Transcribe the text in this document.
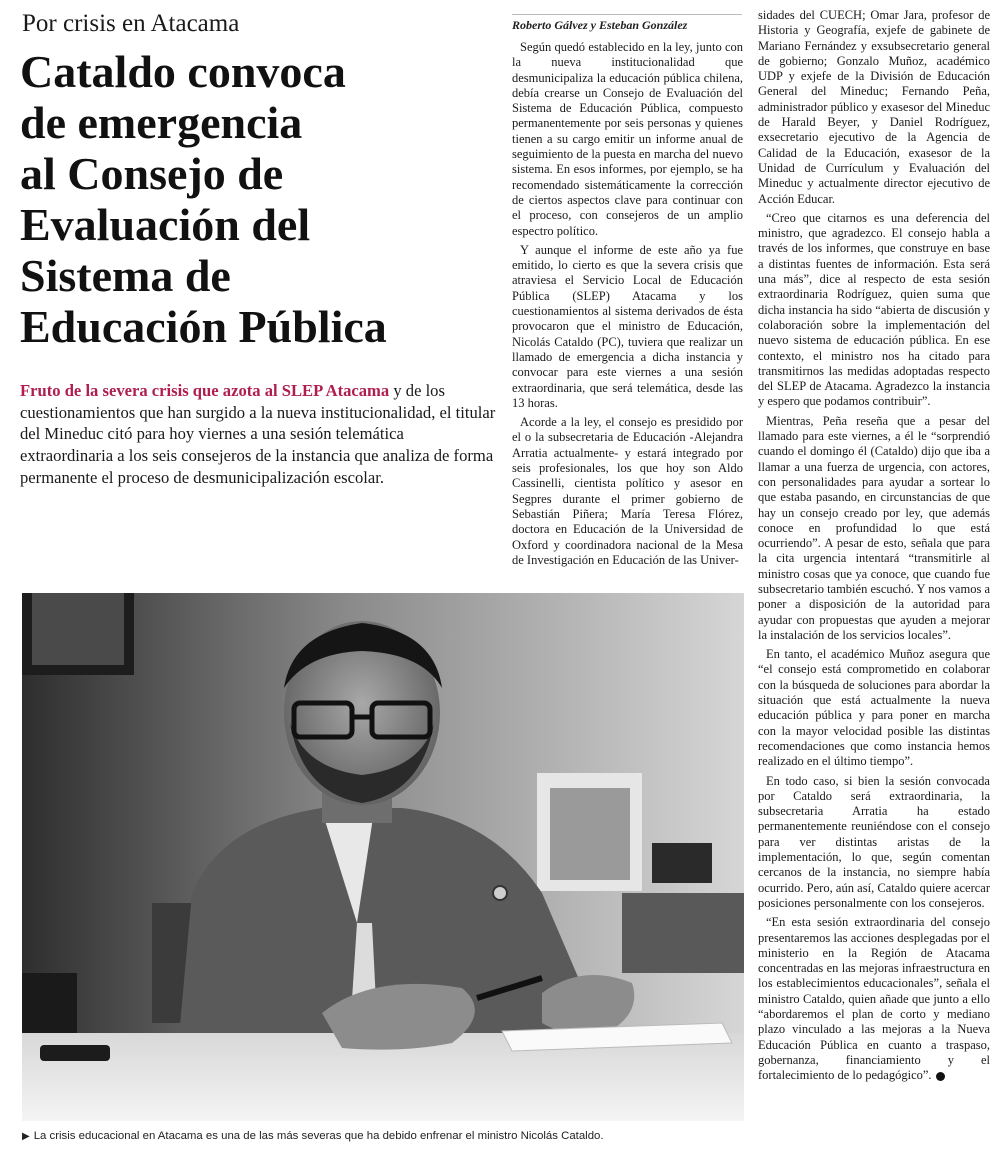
Por crisis en Atacama
Cataldo convoca
de emergencia
al Consejo de
Evaluación del
Sistema de
Educación Pública

Fruto de la severa crisis que azota al SLEP Atacama y de los cuestionamientos que han surgido a la nueva institucionalidad, el titular del Mineduc citó para hoy viernes a una sesión telemática extraordinaria a los seis consejeros de la instancia que analiza de forma permanente el proceso de desmunicipalización escolar.

Roberto Gálvez y Esteban González

Según quedó establecido en la ley, junto con la nueva institucionalidad que desmunicipaliza la educación pública chilena, debía crearse un Consejo de Evaluación del Sistema de Educación Pública, compuesto permanentemente por seis personas y quienes tienen a su cargo emitir un informe anual de seguimiento de la puesta en marcha del nuevo sistema. En esos informes, por ejemplo, se ha recomendado sistemáticamente la corrección de ciertos aspectos clave para continuar con el proceso, con consejeros de un amplio espectro político.

Y aunque el informe de este año ya fue emitido, lo cierto es que la severa crisis que atraviesa el Servicio Local de Educación Pública (SLEP) Atacama y los cuestionamientos al sistema derivados de ésta provocaron que el ministro de Educación, Nicolás Cataldo (PC), tuviera que realizar un llamado de emergencia a dicha instancia y convocar para este viernes a una sesión extraordinaria, que será telemática, desde las 13 horas.

Acorde a la ley, el consejo es presidido por el o la subsecretaria de Educación -Alejandra Arratia actualmente- y estará integrado por seis profesionales, los que hoy son Aldo Cassinelli, cientista político y asesor en Segpres durante el primer gobierno de Sebastián Piñera; María Teresa Flórez, doctora en Educación de la Universidad de Oxford y coordinadora nacional de la Mesa de Investigación en Educación de las Univer-

sidades del CUECH; Omar Jara, profesor de Historia y Geografía, exjefe de gabinete de Mariano Fernández y exsubsecretario general de gobierno; Gonzalo Muñoz, académico UDP y exjefe de la División de Educación General del Mineduc; Fernando Peña, administrador público y exasesor del Mineduc de Harald Beyer, y Daniel Rodríguez, exsecretario ejecutivo de la Agencia de Calidad de la Educación, exasesor de la Unidad de Currículum y Evaluación del Mineduc y actualmente director ejecutivo de Acción Educar.

“Creo que citarnos es una deferencia del ministro, que agradezco. El consejo habla a través de los informes, que construye en base a distintas fuentes de información. Esta será una más”, dice al respecto de esta sesión extraordinaria Rodríguez, quien suma que dicha instancia ha sido “abierta de discusión y colaboración sobre la implementación del nuevo sistema de educación pública. En ese contexto, el ministro nos ha citado para transmitirnos las medidas adoptadas respecto del SLEP de Atacama. Agradezco la instancia y espero que podamos contribuir”.

Mientras, Peña reseña que a pesar del llamado para este viernes, a él le “sorprendió cuando el domingo él (Cataldo) dijo que iba a llamar a una fuerza de urgencia, con actores, con personalidades para ayudar a sortear lo que estaba pasando, en circunstancias de que hay un consejo creado por ley, que además conoce en profundidad lo que está ocurriendo”. A pesar de esto, señala que para la cita urgencia intentará “transmitirle al ministro cosas que ya conoce, que cuando fue subsecretario también escuchó. Y nos vamos a poner a disposición de la autoridad para ayudar con propuestas que ayuden a mejorar la instalación de los servicios locales”.

En tanto, el académico Muñoz asegura que “el consejo está comprometido en colaborar con la búsqueda de soluciones para abordar la situación que está actualmente la nueva educación pública y para poner en marcha con la mayor velocidad posible las distintas recomendaciones que como instancia hemos realizado en el último tiempo”.

En todo caso, si bien la sesión convocada por Cataldo será extraordinaria, la subsecretaria Arratia ha estado permanentemente reuniéndose con el consejo para ver distintas aristas de la implementación, lo que, según comentan cercanos de la instancia, no siempre había ocurrido. Pero, aún así, Cataldo quiere acercar posiciones personalmente con los consejeros.

“En esta sesión extraordinaria del consejo presentaremos las acciones desplegadas por el ministerio en la Región de Atacama concentradas en las mejoras infraestructura en los establecimientos educacionales”, señala el ministro Cataldo, quien añade que junto a ello “abordaremos el plan de corto y mediano plazo vinculado a las mejoras a la Nueva Educación Pública en cuanto a traspaso, gobernanza, financiamiento y el fortalecimiento de lo pedagógico”.

▶ La crisis educacional en Atacama es una de las más severas que ha debido enfrenar el ministro Nicolás Cataldo.
